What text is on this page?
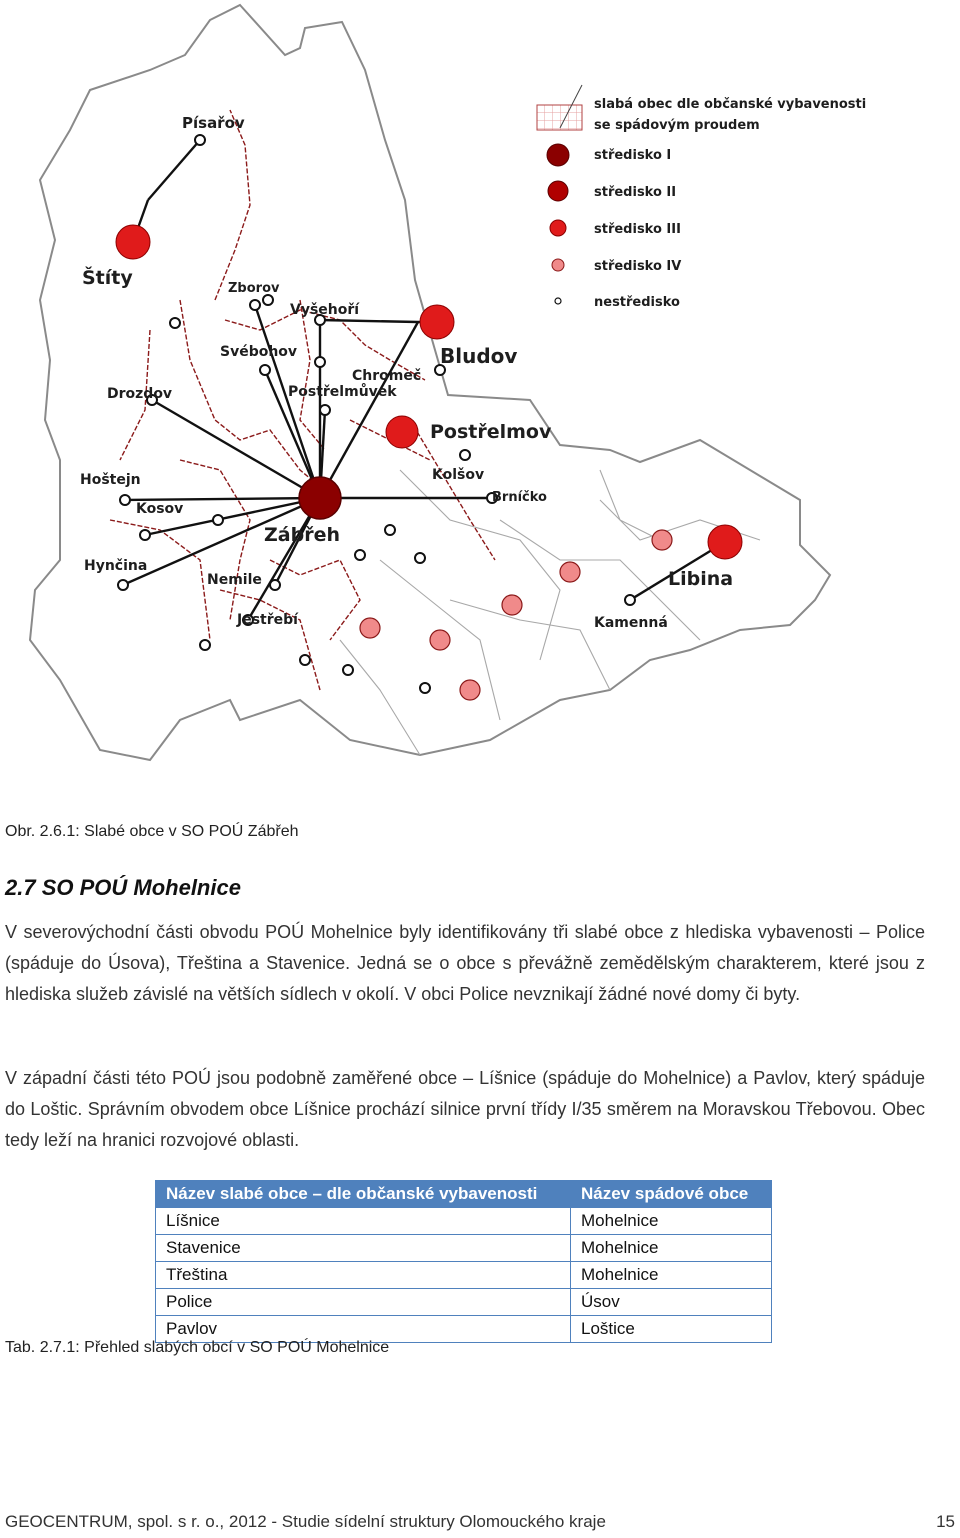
Písařov
Štíty	Zborov
Vyšehoří
Bludov
Svébohov
Chromeč
Drozdov	Postřelmůvek
Postřelmov
Kolšov
Hoštejn
Brníčko
Kosov
Zábřeh
Hynčina
Nemile	Libina
Jestřebí	Kamenná
slabá obec dle občanské vybavenosti
se spádovým proudem
středisko I
středisko II
středisko III
středisko IV
nestředisko
Obr. 2.6.1: Slabé obce v SO POÚ Zábřeh
2.7 SO POÚ Mohelnice
V severovýchodní části obvodu POÚ Mohelnice byly identifikovány tři slabé obce z hlediska vybavenosti – Police (spáduje do Úsova), Třeština a Stavenice. Jedná se o obce s převážně zemědělským charakterem, které jsou z hlediska služeb závislé na větších sídlech v okolí. V obci Police nevznikají žádné nové domy či byty.
V západní části této POÚ jsou podobně zaměřené obce – Líšnice (spáduje do Mohelnice) a Pavlov, který spáduje do Loštic. Správním obvodem obce Líšnice prochází silnice první třídy I/35 směrem na Moravskou Třebovou. Obec tedy leží na hranici rozvojové oblasti.
Název slabé obce – dle občanské vybavenosti	Název spádové obce
Líšnice	Mohelnice
Stavenice	Mohelnice
Třeština	Mohelnice
Police	Úsov
Pavlov	Loštice
Tab. 2.7.1: Přehled slabých obcí v SO POÚ Mohelnice
GEOCENTRUM, spol. s r. o., 2012 - Studie sídelní struktury Olomouckého kraje	15
